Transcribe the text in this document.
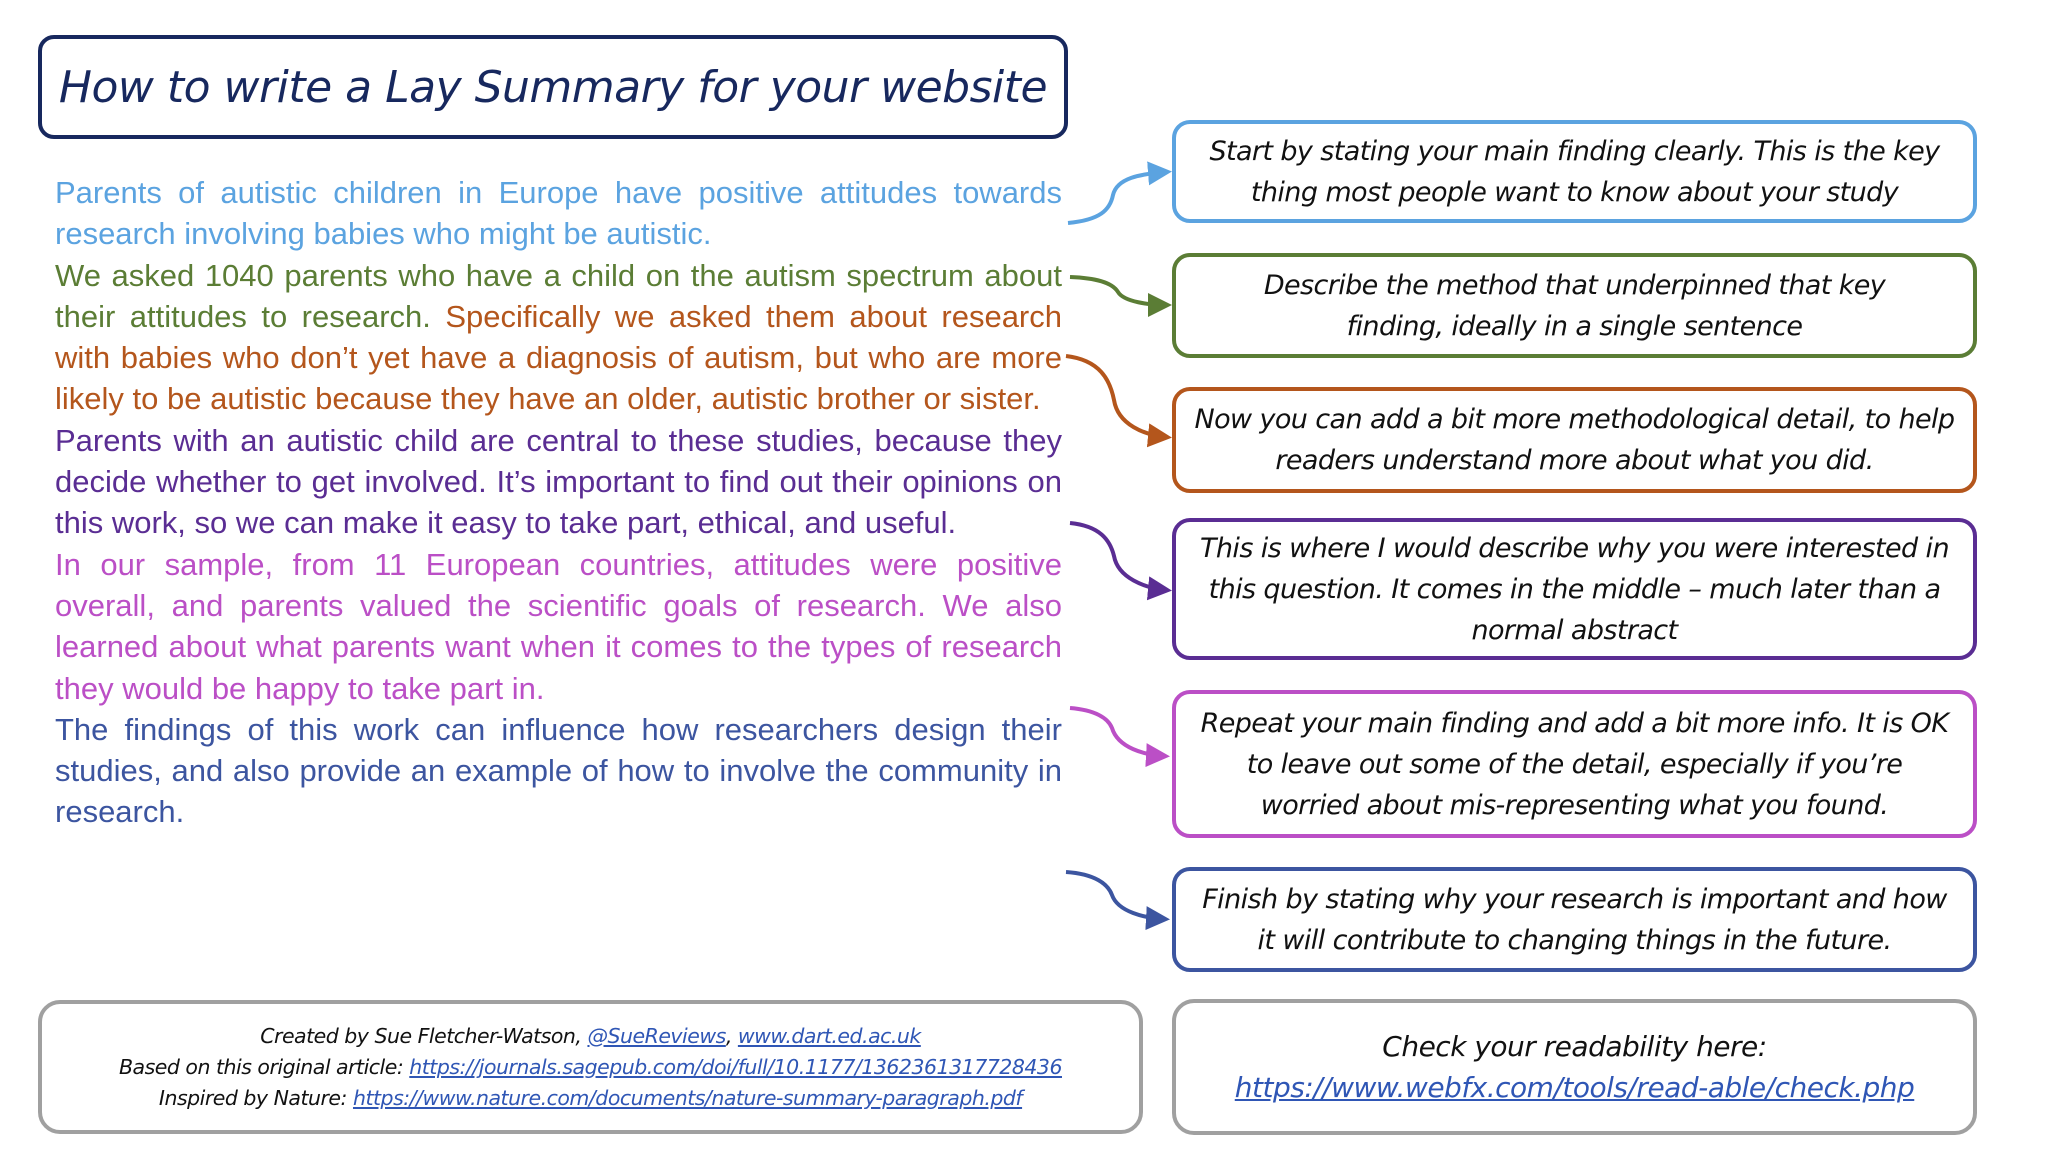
How to write a Lay Summary for your website

Parents of autistic children in Europe have positive attitudes towards research involving babies who might be autistic.

We asked 1040 parents who have a child on the autism spectrum about their attitudes to research. Specifically we asked them about research with babies who don’t yet have a diagnosis of autism, but who are more likely to be autistic because they have an older, autistic brother or sister.

Parents with an autistic child are central to these studies, because they decide whether to get involved. It’s important to find out their opinions on this work, so we can make it easy to take part, ethical, and useful.

In our sample, from 11 European countries, attitudes were positive overall, and parents valued the scientific goals of research. We also learned about what parents want when it comes to the types of research they would be happy to take part in.

The findings of this work can influence how researchers design their studies, and also provide an example of how to involve the community in research.

Start by stating your main finding clearly. This is the key thing most people want to know about your study
Describe the method that underpinned that key finding, ideally in a single sentence
Now you can add a bit more methodological detail, to help readers understand more about what you did.
This is where I would describe why you were interested in this question. It comes in the middle – much later than a normal abstract
Repeat your main finding and add a bit more info. It is OK to leave out some of the detail, especially if you’re worried about mis-representing what you found.
Finish by stating why your research is important and how it will contribute to changing things in the future.
Created by Sue Fletcher-Watson, @SueReviews, www.dart.ed.ac.uk
Based on this original article: https://journals.sagepub.com/doi/full/10.1177/1362361317728436
Inspired by Nature: https://www.nature.com/documents/nature-summary-paragraph.pdf
Check your readability here:
https://www.webfx.com/tools/read-able/check.php
